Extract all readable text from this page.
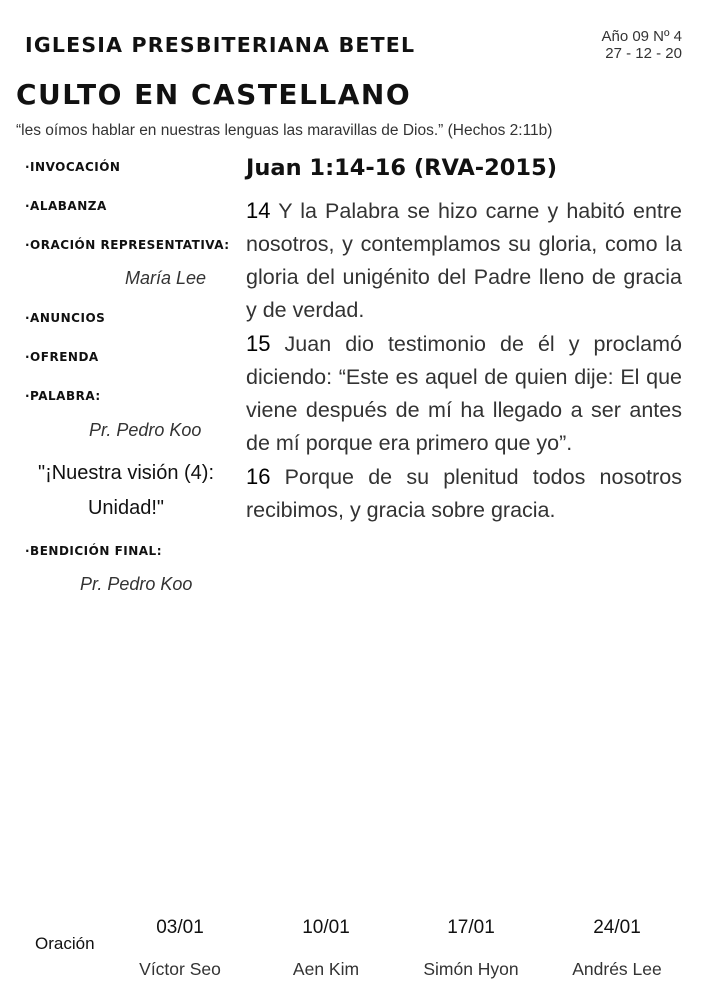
IGLESIA PRESBITERIANA BETEL	Año 09 Nº 4
27 - 12 - 20
CULTO EN CASTELLANO
“les oímos hablar en nuestras lenguas las maravillas de Dios.” (Hechos 2:11b)
·INVOCACIÓN
·ALABANZA
·ORACIÓN REPRESENTATIVA:
María Lee
·ANUNCIOS
·OFRENDA
·PALABRA:
Pr. Pedro Koo
"¡Nuestra visión (4):
Unidad!"
·BENDICIÓN FINAL:
Pr. Pedro Koo
Juan 1:14-16 (RVA-2015)

14 Y la Palabra se hizo carne y habitó entre nosotros, y contemplamos su gloria, como la gloria del unigénito del Padre lleno de gracia y de verdad.

15 Juan dio testimonio de él y proclamó diciendo: “Este es aquel de quien dije: El que viene después de mí ha llegado a ser antes de mí porque era primero que yo”.

16 Porque de su plenitud todos nosotros recibimos, y gracia sobre gracia.

Oración
03/01
Víctor Seo
10/01
Aen Kim
17/01
Simón Hyon
24/01
Andrés Lee
